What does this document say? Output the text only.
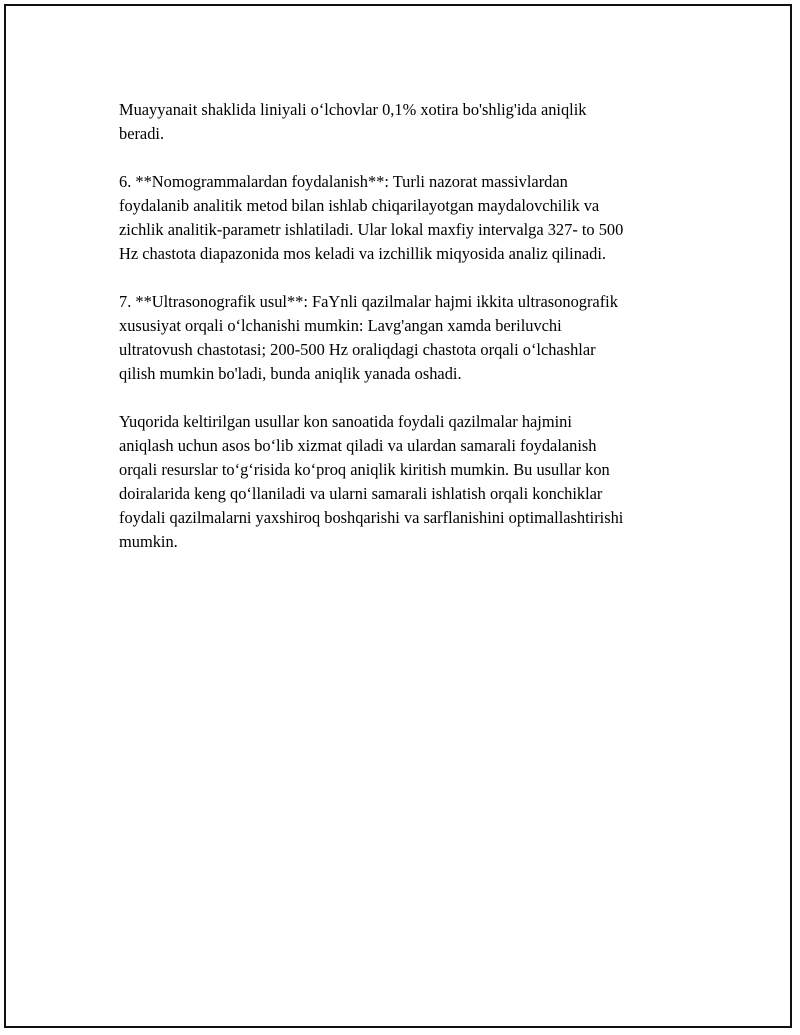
Muayyanait shaklida liniyali o‘lchovlar 0,1% xotira bo'shlig'ida aniqlik
beradi.

6. **Nomogrammalardan foydalanish**: Turli nazorat massivlardan
foydalanib analitik metod bilan ishlab chiqarilayotgan maydalovchilik va
zichlik analitik-parametr ishlatiladi. Ular lokal maxfiy intervalga 327- to 500
Hz chastota diapazonida mos keladi va izchillik miqyosida analiz qilinadi.

7. **Ultrasonografik usul**: FaYnli qazilmalar hajmi ikkita ultrasonografik
xususiyat orqali o‘lchanishi mumkin: Lavg'angan xamda beriluvchi
ultratovush chastotasi; 200-500 Hz oraliqdagi chastota orqali o‘lchashlar
qilish mumkin bo'ladi, bunda aniqlik yanada oshadi.

Yuqorida keltirilgan usullar kon sanoatida foydali qazilmalar hajmini
aniqlash uchun asos bo‘lib xizmat qiladi va ulardan samarali foydalanish
orqali resurslar to‘g‘risida ko‘proq aniqlik kiritish mumkin. Bu usullar kon
doiralarida keng qo‘llaniladi va ularni samarali ishlatish orqali konchiklar
foydali qazilmalarni yaxshiroq boshqarishi va sarflanishini optimallashtirishi
mumkin.
